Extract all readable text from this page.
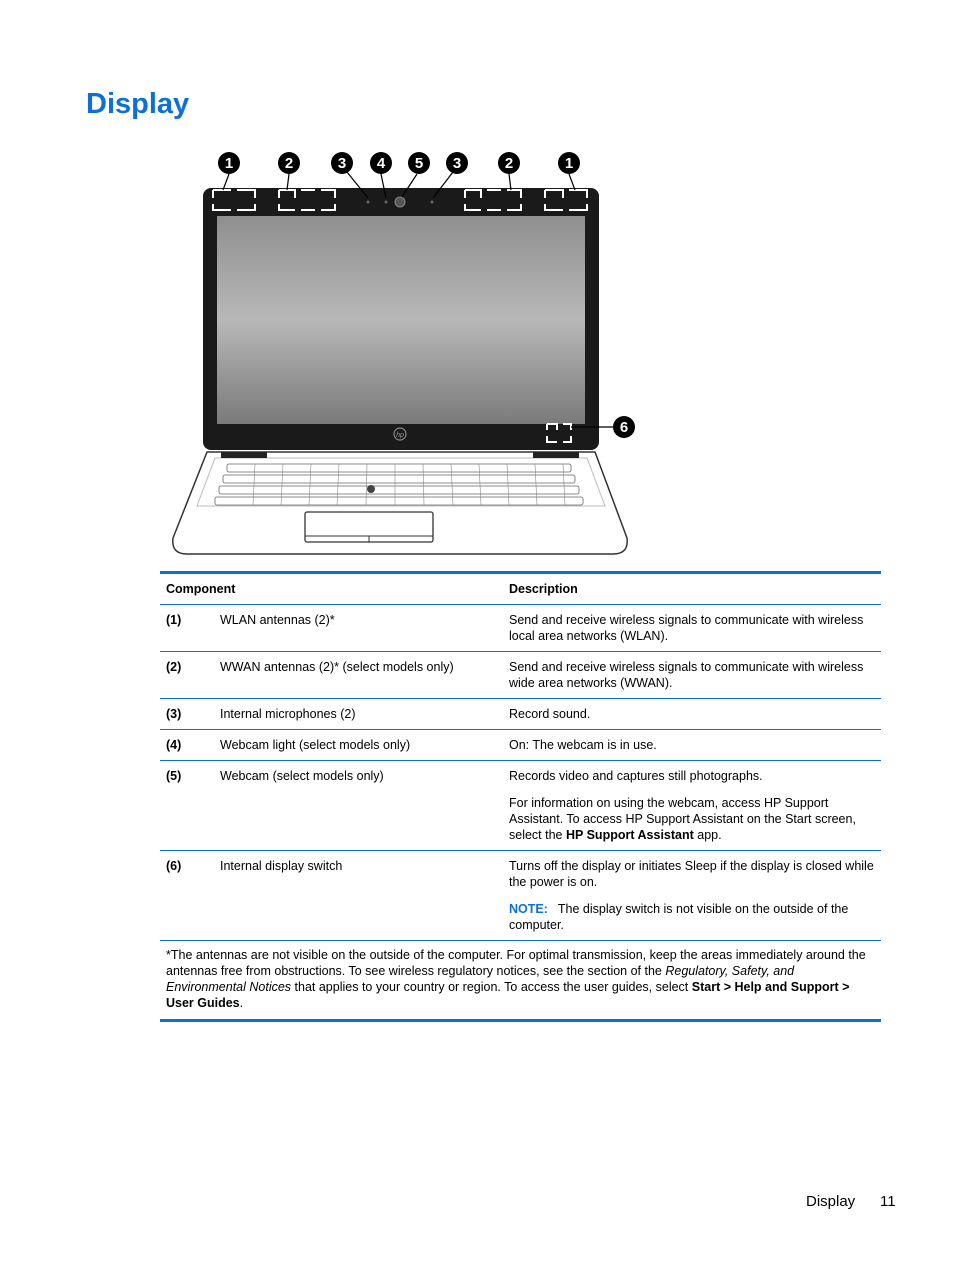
Display
hp
1	2	3 4 5 3	2	1
6
Component	Description
(1)	WLAN antennas (2)*	Send and receive wireless signals to communicate with wireless local area networks (WLAN).

(2)	WWAN antennas (2)* (select models only)	Send and receive wireless signals to communicate with wireless wide area networks (WWAN).

(3)	Internal microphones (2)	Record sound.

(4)	Webcam light (select models only)	On: The webcam is in use.

(5)	Webcam (select models only)	Records video and captures still photographs.

For information on using the webcam, access HP Support Assistant. To access HP Support Assistant on the Start screen, select the HP Support Assistant app.

(6)	Internal display switch	Turns off the display or initiates Sleep if the display is closed while the power is on.

NOTE: The display switch is not visible on the outside of the computer.

*The antennas are not visible on the outside of the computer. For optimal transmission, keep the areas immediately around the antennas free from obstructions. To see wireless regulatory notices, see the section of the Regulatory, Safety, and Environmental Notices that applies to your country or region. To access the user guides, select Start > Help and Support > User Guides.
Display 11
